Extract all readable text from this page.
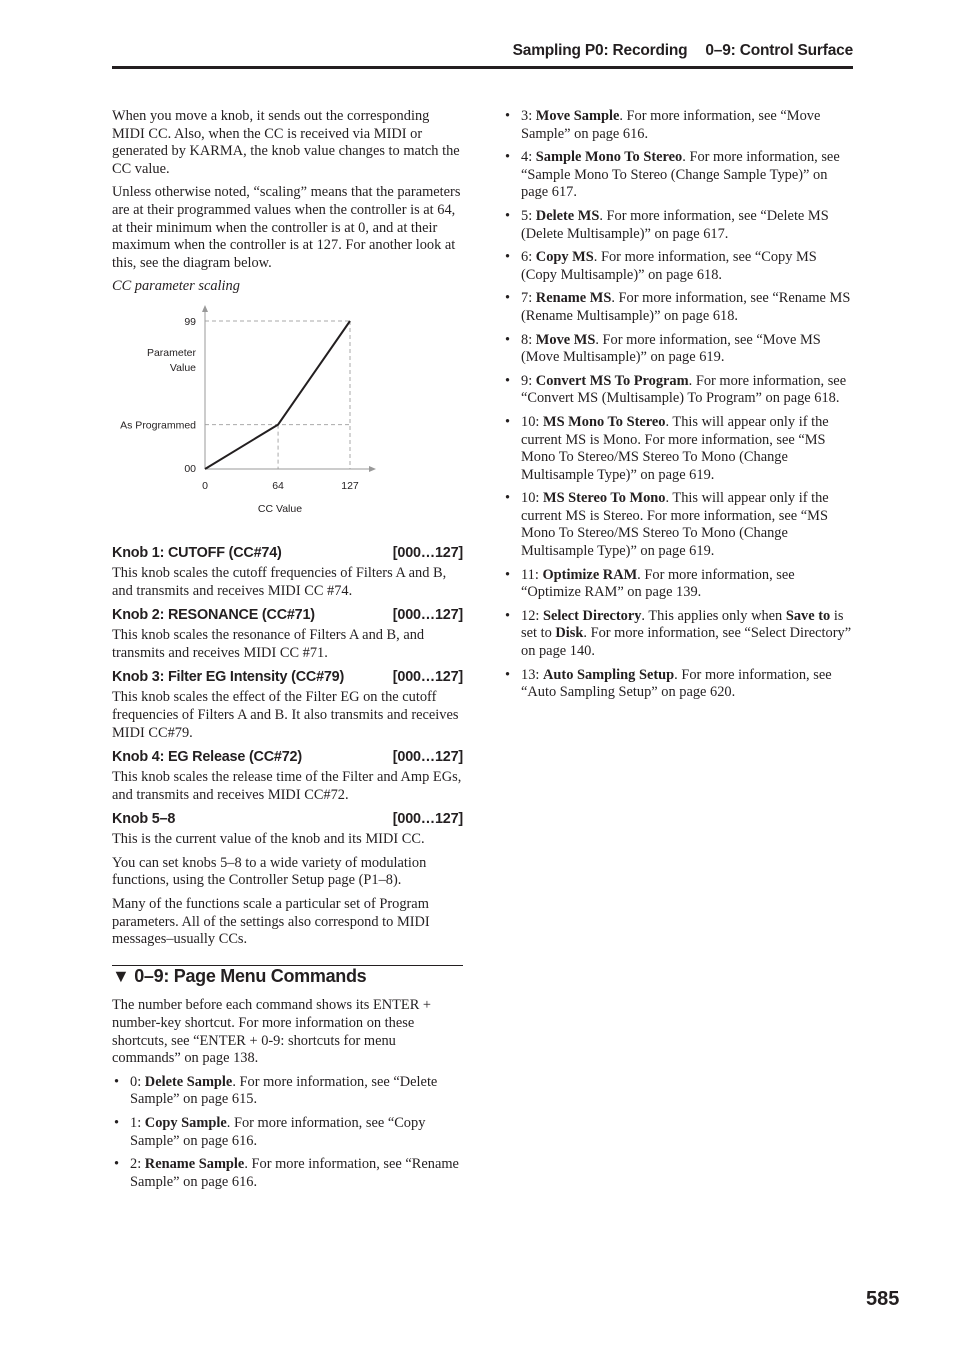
Sampling P0: Recording 0–9: Control Surface

When you move a knob, it sends out the corresponding MIDI CC. Also, when the CC is received via MIDI or generated by KARMA, the knob value changes to match the CC value.

Unless otherwise noted, “scaling” means that the parameters are at their programmed values when the controller is at 64, at their minimum when the controller is at 0, and at their maximum when the controller is at 127. For another look at this, see the diagram below.

CC parameter scaling

0	64	127
99
As Programmed
00
Parameter
Value
CC Value
Knob 1: CUTOFF (CC#74)	[000…127]

This knob scales the cutoff frequencies of Filters A and B, and transmits and receives MIDI CC #74.

Knob 2: RESONANCE (CC#71)	[000…127]

This knob scales the resonance of Filters A and B, and transmits and receives MIDI CC #71.

Knob 3: Filter EG Intensity (CC#79)	[000…127]

This knob scales the effect of the Filter EG on the cutoff frequencies of Filters A and B. It also transmits and receives MIDI CC#79.

Knob 4: EG Release (CC#72)	[000…127]

This knob scales the release time of the Filter and Amp EGs, and transmits and receives MIDI CC#72.

Knob 5–8	[000…127]

This is the current value of the knob and its MIDI CC.

You can set knobs 5–8 to a wide variety of modulation functions, using the Controller Setup page (P1–8).

Many of the functions scale a particular set of Program parameters. All of the settings also correspond to MIDI messages–usually CCs.

▼ 0–9: Page Menu Commands

The number before each command shows its ENTER + number-key shortcut. For more information on these shortcuts, see “ENTER + 0-9: shortcuts for menu commands” on page 138.

• 0: Delete Sample. For more information, see “Delete Sample” on page 615.
• 1: Copy Sample. For more information, see “Copy Sample” on page 616.
• 2: Rename Sample. For more information, see “Rename Sample” on page 616.
• 3: Move Sample. For more information, see “Move Sample” on page 616.
• 4: Sample Mono To Stereo. For more information, see “Sample Mono To Stereo (Change Sample Type)” on page 617.
• 5: Delete MS. For more information, see “Delete MS (Delete Multisample)” on page 617.
• 6: Copy MS. For more information, see “Copy MS (Copy Multisample)” on page 618.
• 7: Rename MS. For more information, see “Rename MS (Rename Multisample)” on page 618.
• 8: Move MS. For more information, see “Move MS (Move Multisample)” on page 619.
• 9: Convert MS To Program. For more information, see “Convert MS (Multisample) To Program” on page 618.
• 10: MS Mono To Stereo. This will appear only if the current MS is Mono. For more information, see “MS Mono To Stereo/MS Stereo To Mono (Change Multisample Type)” on page 619.
• 10: MS Stereo To Mono. This will appear only if the current MS is Stereo. For more information, see “MS Mono To Stereo/MS Stereo To Mono (Change Multisample Type)” on page 619.
• 11: Optimize RAM. For more information, see “Optimize RAM” on page 139.
• 12: Select Directory. This applies only when Save to is set to Disk. For more information, see “Select Directory” on page 140.
• 13: Auto Sampling Setup. For more information, see “Auto Sampling Setup” on page 620.
585
